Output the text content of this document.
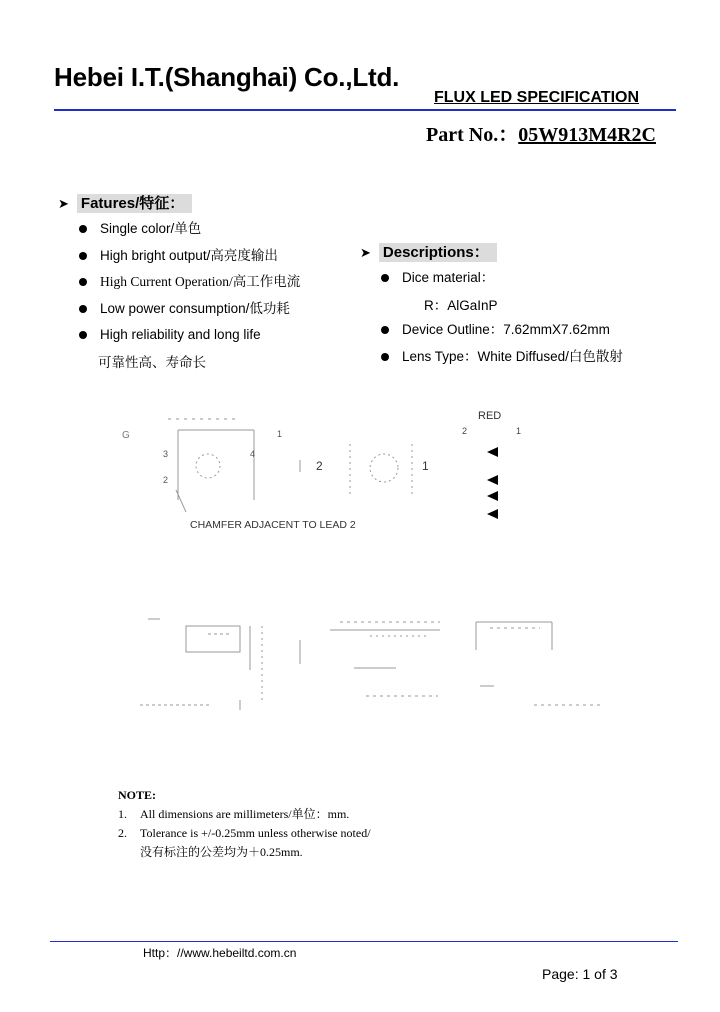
Hebei I.T.(Shanghai) Co.,Ltd.
FLUX LED SPECIFICATION
Part No.：05W913M4R2C
➤ Fatures/特征：
Single color/单色
High bright output/高亮度输出
High Current Operation/高工作电流
Low power consumption/低功耗
High reliability and long life
可靠性高、寿命长
➤ Descriptions：
Dice material：
R：AlGaInP
Device Outline：7.62mmX7.62mm
Lens Type：White Diffused/白色散射
G
3
2
4
1
CHAMFER ADJACENT TO LEAD 2
2	1
RED
2	1
NOTE:
1.	All dimensions are millimeters/单位：mm.
2.	Tolerance is +/-0.25mm unless otherwise noted/
没有标注的公差均为＋0.25mm.
Http：//www.hebeiltd.com.cn
Page: 1 of 3
